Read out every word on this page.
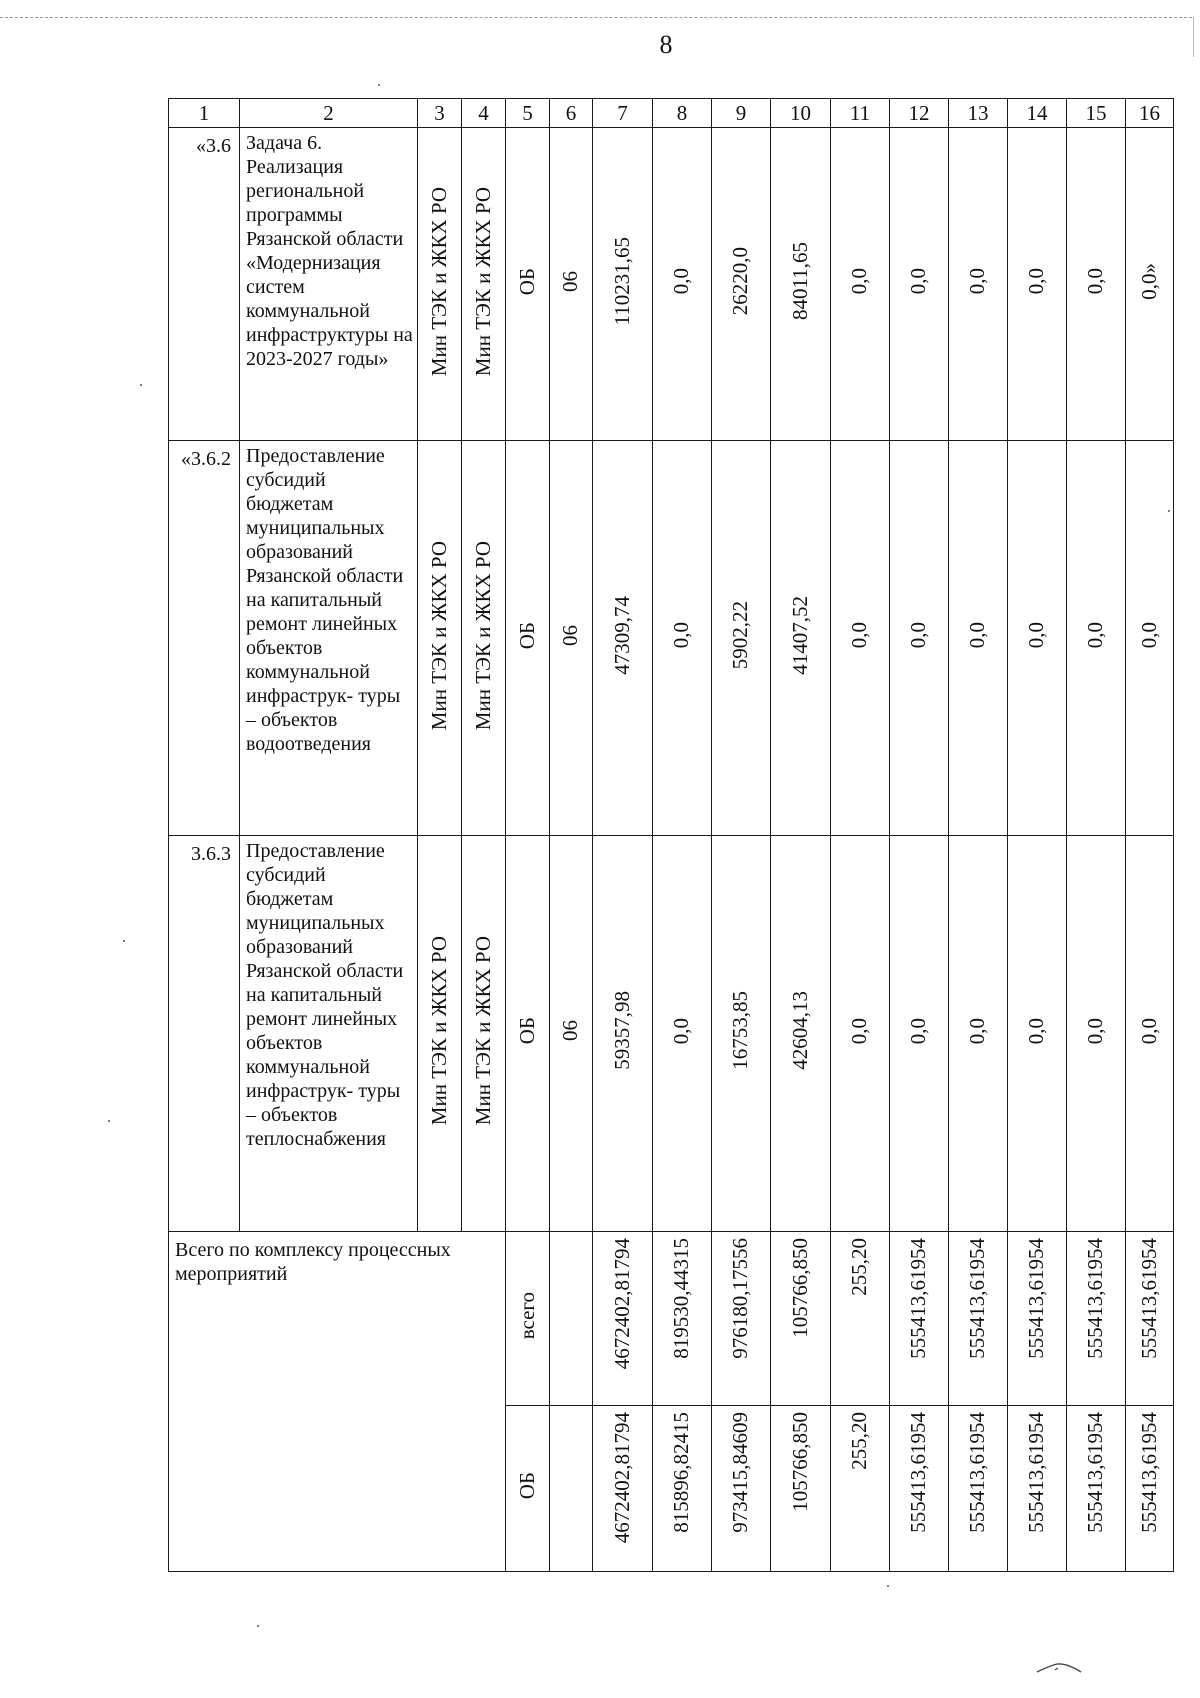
8
1	2	3	4	5	6	7	8	9	10	11	12	13	14	15	16
«3.6	Задача 6. Реализация региональной программы Рязанской области «Модернизация систем коммунальной инфраструктуры на 2023-2027 годы»	Мин ТЭК и ЖКХ РО	Мин ТЭК и ЖКХ РО	ОБ	06	110231,65	0,0	26220,0	84011,65	0,0	0,0	0,0	0,0	0,0	0,0»
«3.6.2	Предоставление субсидий бюджетам муниципальных образований Рязанской области на капитальный ремонт линейных объектов коммунальной инфраструк- туры – объектов водоотведения	Мин ТЭК и ЖКХ РО	Мин ТЭК и ЖКХ РО	ОБ	06	47309,74	0,0	5902,22	41407,52	0,0	0,0	0,0	0,0	0,0	0,0
3.6.3	Предоставление субсидий бюджетам муниципальных образований Рязанской области на капитальный ремонт линейных объектов коммунальной инфраструк- туры – объектов теплоснабжения	Мин ТЭК и ЖКХ РО	Мин ТЭК и ЖКХ РО	ОБ	06	59357,98	0,0	16753,85	42604,13	0,0	0,0	0,0	0,0	0,0	0,0
Всего по комплексу процессных мероприятий				всего		4672402,81794	819530,44315	976180,17556	105766,850	255,20	555413,61954	555413,61954	555413,61954	555413,61954	555413,61954
				ОБ		4672402,81794	815896,82415	973415,84609	105766,850	255,20	555413,61954	555413,61954	555413,61954	555413,61954	555413,61954
